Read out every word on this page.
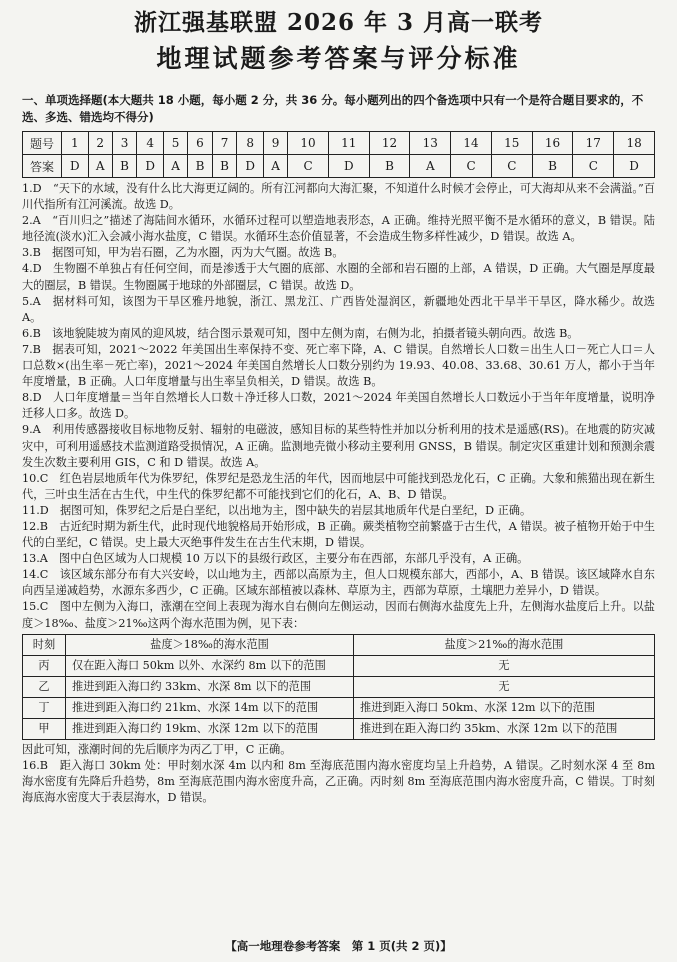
浙江强基联盟 2026 年 3 月高一联考
地理试题参考答案与评分标准
一、单项选择题(本大题共 18 小题，每小题 2 分，共 36 分。每小题列出的四个备选项中只有一个是符合题目要求的，不选、多选、错选均不得分)
题号	1	2	3	4	5	6	7	8	9	10	11	12	13	14	15	16	17	18
答案	D	A	B	D	A	B	B	D	A	C	D	B	A	C	C	B	C	D

1.D　“天下的水域，没有什么比大海更辽阔的。所有江河都向大海汇聚，不知道什么时候才会停止，可大海却从来不会满溢。”百川代指所有江河溪流。故选 D。

2.A　“百川归之”描述了海陆间水循环，水循环过程可以塑造地表形态，A 正确。维持光照平衡不是水循环的意义，B 错误。陆地径流(淡水)汇入会减小海水盐度，C 错误。水循环生态价值显著，不会造成生物多样性减少，D 错误。故选 A。

3.B　据图可知，甲为岩石圈，乙为水圈，丙为大气圈。故选 B。

4.D　生物圈不单独占有任何空间，而是渗透于大气圈的底部、水圈的全部和岩石圈的上部，A 错误，D 正确。大气圈是厚度最大的圈层，B 错误。生物圈属于地球的外部圈层，C 错误。故选 D。

5.A　据材料可知，该图为干旱区雅丹地貌，浙江、黑龙江、广西皆处湿润区，新疆地处西北干旱半干旱区，降水稀少。故选 A。

6.B　该地貌陡坡为南风的迎风坡，结合图示景观可知，图中左侧为南，右侧为北，拍摄者镜头朝向西。故选 B。

7.B　据表可知，2021～2022 年美国出生率保持不变、死亡率下降，A、C 错误。自然增长人口数＝出生人口－死亡人口＝人口总数×(出生率－死亡率)，2021～2024 年美国自然增长人口数分别约为 19.93、40.08、33.68、30.61 万人，都小于当年年度增量，B 正确。人口年度增量与出生率呈负相关，D 错误。故选 B。

8.D　人口年度增量＝当年自然增长人口数＋净迁移人口数，2021～2024 年美国自然增长人口数远小于当年年度增量，说明净迁移人口多。故选 D。

9.A　利用传感器接收目标地物反射、辐射的电磁波，感知目标的某些特性并加以分析利用的技术是遥感(RS)。在地震的防灾减灾中，可利用遥感技术监测道路受损情况，A 正确。监测地壳微小移动主要利用 GNSS，B 错误。制定灾区重建计划和预测余震发生次数主要利用 GIS，C 和 D 错误。故选 A。

10.C　红色岩层地质年代为侏罗纪，侏罗纪是恐龙生活的年代，因而地层中可能找到恐龙化石，C 正确。大象和熊猫出现在新生代，三叶虫生活在古生代，中生代的侏罗纪都不可能找到它们的化石，A、B、D 错误。

11.D　据图可知，侏罗纪之后是白垩纪，以出地为主，图中缺失的岩层其地质年代是白垩纪，D 正确。

12.B　古近纪时期为新生代，此时现代地貌格局开始形成，B 正确。蕨类植物空前繁盛于古生代，A 错误。被子植物开始于中生代的白垩纪，C 错误。史上最大灭绝事件发生在古生代末期，D 错误。

13.A　图中白色区域为人口规模 10 万以下的县级行政区，主要分布在西部，东部几乎没有，A 正确。

14.C　该区域东部分布有大兴安岭，以山地为主，西部以高原为主，但人口规模东部大，西部小，A、B 错误。该区域降水自东向西呈递减趋势，水源东多西少，C 正确。区域东部植被以森林、草原为主，西部为草原，土壤肥力差异小，D 错误。

15.C　图中左侧为入海口，涨潮在空间上表现为海水自右侧向左侧运动，因而右侧海水盐度先上升，左侧海水盐度后上升。以盐度＞18‰、盐度＞21‰这两个海水范围为例，见下表：

时刻	盐度＞18‰的海水范围	盐度＞21‰的海水范围
丙	仅在距入海口 50km 以外、水深约 8m 以下的范围	无
乙	推进到距入海口约 33km、水深 8m 以下的范围	无
丁	推进到距入海口约 21km、水深 14m 以下的范围	推进到距入海口 50km、水深 12m 以下的范围
甲	推进到距入海口约 19km、水深 12m 以下的范围	推进到在距入海口约 35km、水深 12m 以下的范围

因此可知，涨潮时间的先后顺序为丙乙丁甲，C 正确。

16.B　距入海口 30km 处：甲时刻水深 4m 以内和 8m 至海底范围内海水密度均呈上升趋势，A 错误。乙时刻水深 4 至 8m 海水密度有先降后升趋势，8m 至海底范围内海水密度升高，乙正确。丙时刻 8m 至海底范围内海水密度升高，C 错误。丁时刻海底海水密度大于表层海水，D 错误。

【高一地理卷参考答案　第 1 页(共 2 页)】
